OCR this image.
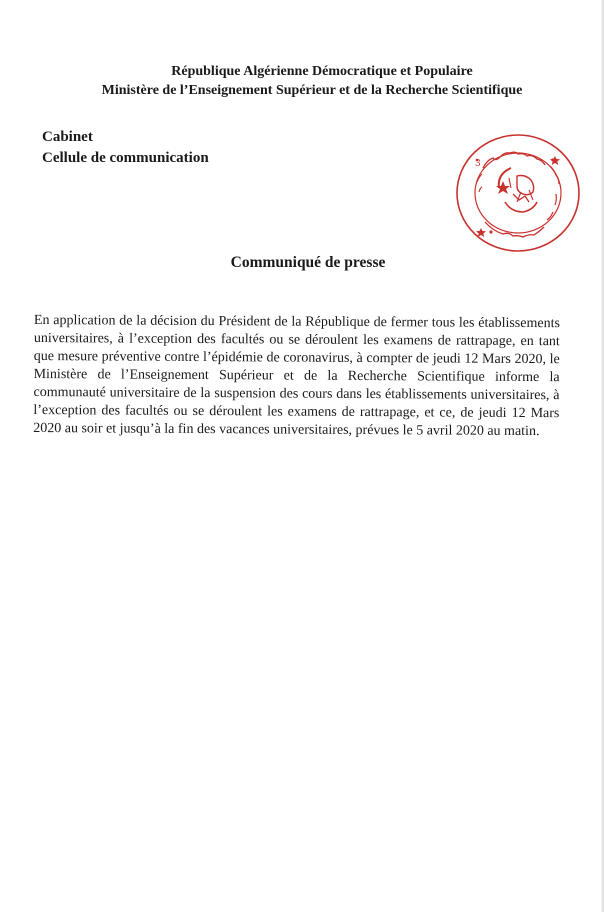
République Algérienne Démocratique et Populaire
Ministère de l’Enseignement Supérieur et de la Recherche Scientifique
Cabinet
Cellule de communication	3
Communiqué de presse
En application de la décision du Président de la République de fermer tous les établissements universitaires, à l’exception des facultés ou se déroulent les examens de rattrapage, en tant que mesure préventive contre l’épidémie de coronavirus, à compter de jeudi 12 Mars 2020, le Ministère de l’Enseignement Supérieur et de la Recherche Scientifique informe la communauté universitaire de la suspension des cours dans les établissements universitaires, à l’exception des facultés ou se déroulent les examens de rattrapage, et ce, de jeudi 12 Mars 2020 au soir et jusqu’à la fin des vacances universitaires, prévues le 5 avril 2020 au matin.
